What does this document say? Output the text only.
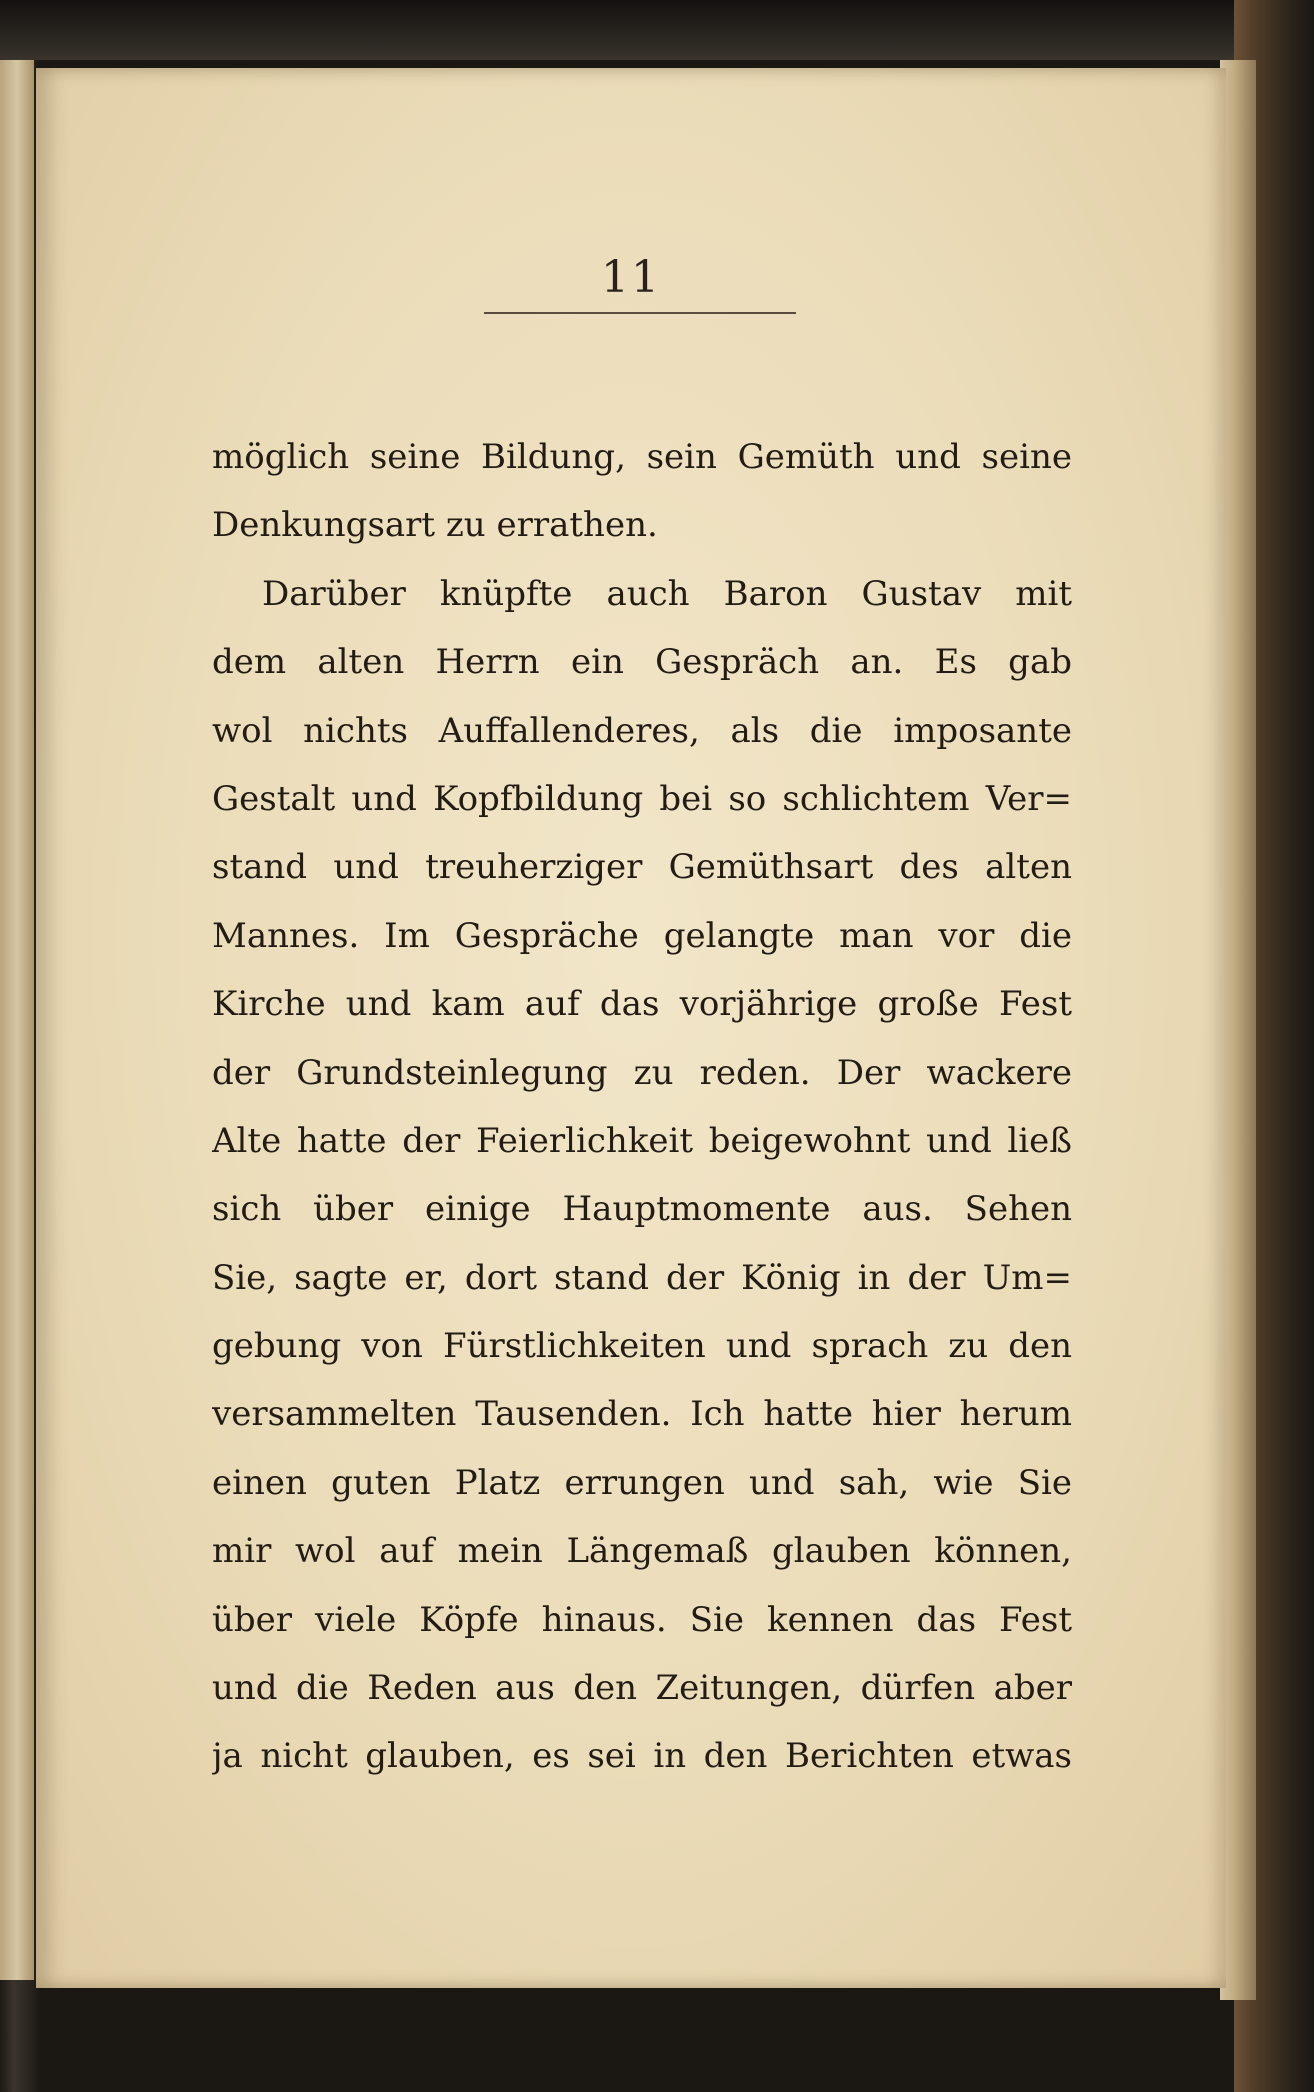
11
möglich seine Bildung, sein Gemüth und seine
Denkungsart zu errathen.
Darüber knüpfte auch Baron Gustav mit
dem alten Herrn ein Gespräch an. Es gab
wol nichts Auffallenderes, als die imposante
Gestalt und Kopfbildung bei so schlichtem Ver=
stand und treuherziger Gemüthsart des alten
Mannes. Im Gespräche gelangte man vor die
Kirche und kam auf das vorjährige große Fest
der Grundsteinlegung zu reden. Der wackere
Alte hatte der Feierlichkeit beigewohnt und ließ
sich über einige Hauptmomente aus. Sehen
Sie, sagte er, dort stand der König in der Um=
gebung von Fürstlichkeiten und sprach zu den
versammelten Tausenden. Ich hatte hier herum
einen guten Platz errungen und sah, wie Sie
mir wol auf mein Längemaß glauben können,
über viele Köpfe hinaus. Sie kennen das Fest
und die Reden aus den Zeitungen, dürfen aber
ja nicht glauben, es sei in den Berichten etwas
